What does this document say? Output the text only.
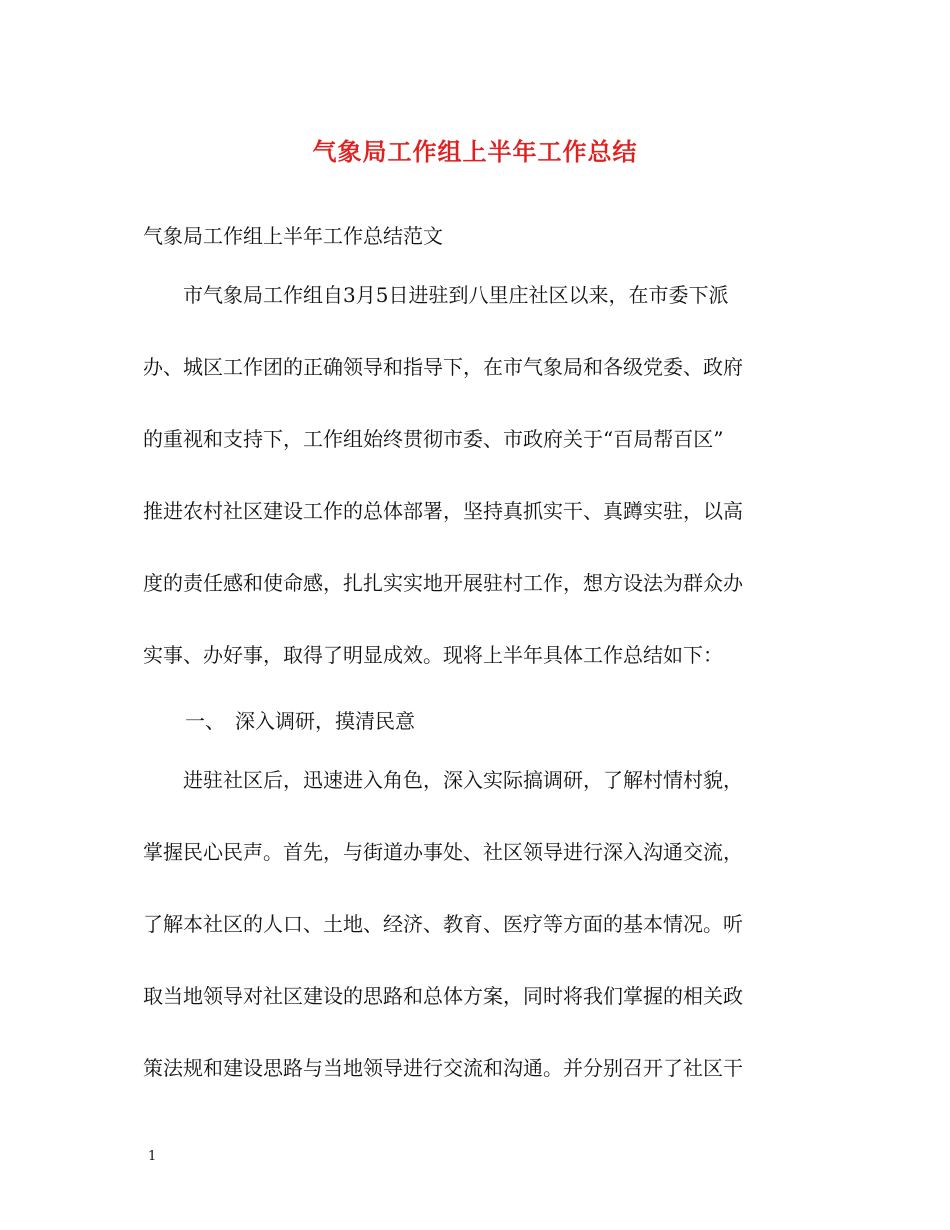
气象局工作组上半年工作总结
气象局工作组上半年工作总结范文
　　市气象局工作组自3月5日进驻到八里庄社区以来，在市委下派
办、城区工作团的正确领导和指导下，在市气象局和各级党委、政府
的重视和支持下，工作组始终贯彻市委、市政府关于“百局帮百区”
推进农村社区建设工作的总体部署，坚持真抓实干、真蹲实驻，以高
度的责任感和使命感，扎扎实实地开展驻村工作，想方设法为群众办
实事、办好事，取得了明显成效。现将上半年具体工作总结如下：
一、　深入调研，摸清民意
　　进驻社区后，迅速进入角色，深入实际搞调研，了解村情村貌，
掌握民心民声。首先，与街道办事处、社区领导进行深入沟通交流，
了解本社区的人口、土地、经济、教育、医疗等方面的基本情况。听
取当地领导对社区建设的思路和总体方案，同时将我们掌握的相关政
策法规和建设思路与当地领导进行交流和沟通。并分别召开了社区干
1
